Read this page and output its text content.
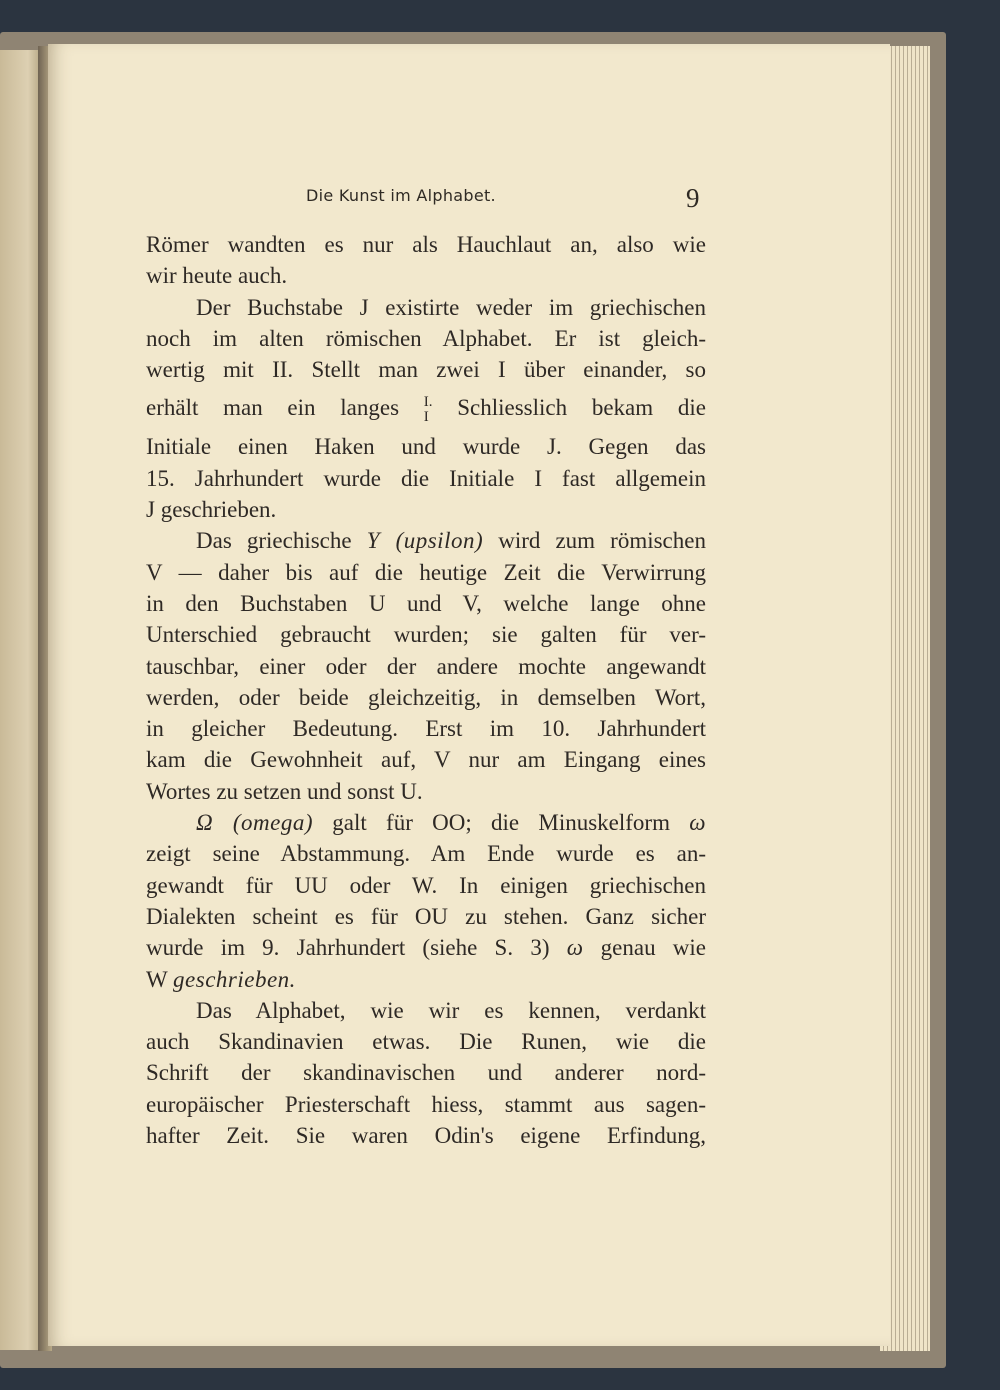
Die Kunst im Alphabet.	9
Römer wandten es nur als Hauchlaut an, also wie
wir heute auch.
Der Buchstabe J existirte weder im griechischen
noch im alten römischen Alphabet. Er ist gleich-
wertig mit II. Stellt man zwei I über einander, so
erhält man ein langes I.
I Schliesslich bekam die
Initiale einen Haken und wurde J. Gegen das
15. Jahrhundert wurde die Initiale I fast allgemein
J geschrieben.
Das griechische Y (upsilon) wird zum römischen
V — daher bis auf die heutige Zeit die Verwirrung
in den Buchstaben U und V, welche lange ohne
Unterschied gebraucht wurden; sie galten für ver-
tauschbar, einer oder der andere mochte angewandt
werden, oder beide gleichzeitig, in demselben Wort,
in gleicher Bedeutung. Erst im 10. Jahrhundert
kam die Gewohnheit auf, V nur am Eingang eines
Wortes zu setzen und sonst U.
Ω (omega) galt für OO; die Minuskelform ω
zeigt seine Abstammung. Am Ende wurde es an-
gewandt für UU oder W. In einigen griechischen
Dialekten scheint es für OU zu stehen. Ganz sicher
wurde im 9. Jahrhundert (siehe S. 3) ω genau wie
W geschrieben.
Das Alphabet, wie wir es kennen, verdankt
auch Skandinavien etwas. Die Runen, wie die
Schrift der skandinavischen und anderer nord-
europäischer Priesterschaft hiess, stammt aus sagen-
hafter Zeit. Sie waren Odin's eigene Erfindung,
